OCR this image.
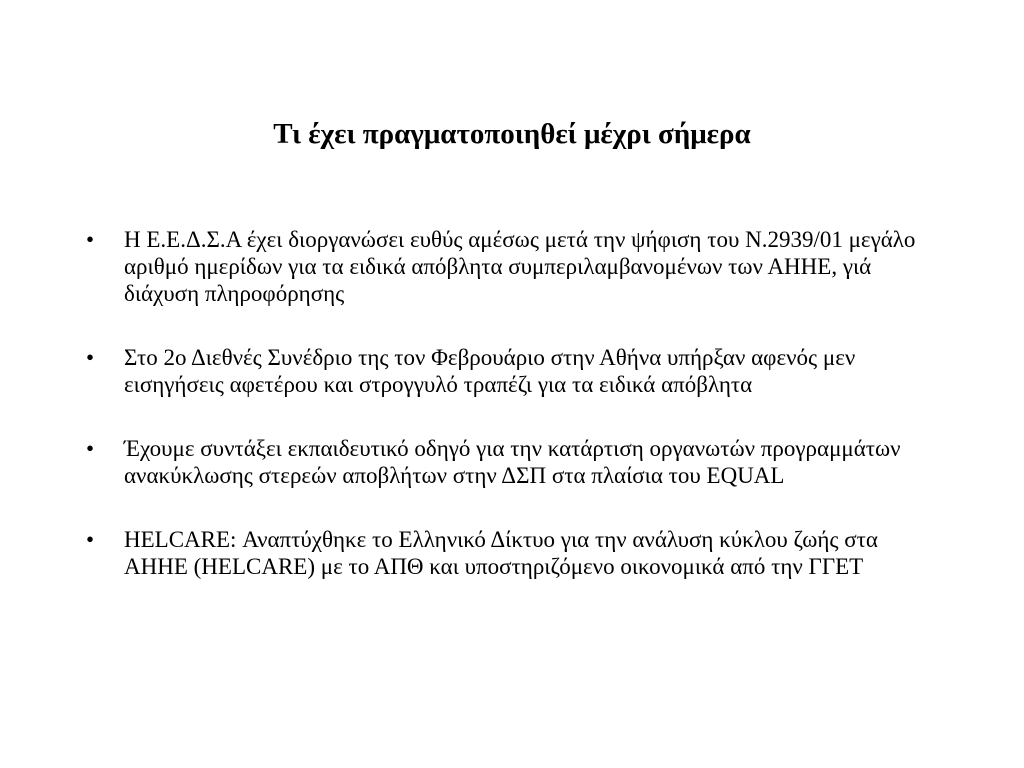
Τι έχει πραγματοποιηθεί μέχρι σήμερα
•	Η Ε.Ε.Δ.Σ.Α έχει διοργανώσει ευθύς αμέσως μετά την ψήφιση του Ν.2939/01 μεγάλο αριθμό ημερίδων για τα ειδικά απόβλητα συμπεριλαμβανομένων των ΑΗΗΕ, γιά διάχυση πληροφόρησης
•	Στο 2ο Διεθνές Συνέδριο της τον Φεβρουάριο στην Αθήνα υπήρξαν αφενός μεν εισηγήσεις αφετέρου και στρογγυλό τραπέζι για τα ειδικά απόβλητα
•	Έχουμε συντάξει εκπαιδευτικό οδηγό για την κατάρτιση οργανωτών προγραμμάτων ανακύκλωσης στερεών αποβλήτων στην ΔΣΠ στα πλαίσια του EQUAL
•	HELCARE: Αναπτύχθηκε το Ελληνικό Δίκτυο για την ανάλυση κύκλου ζωής στα ΑΗΗΕ (HELCARE) με το ΑΠΘ και υποστηριζόμενο οικονομικά από την ΓΓΕΤ
